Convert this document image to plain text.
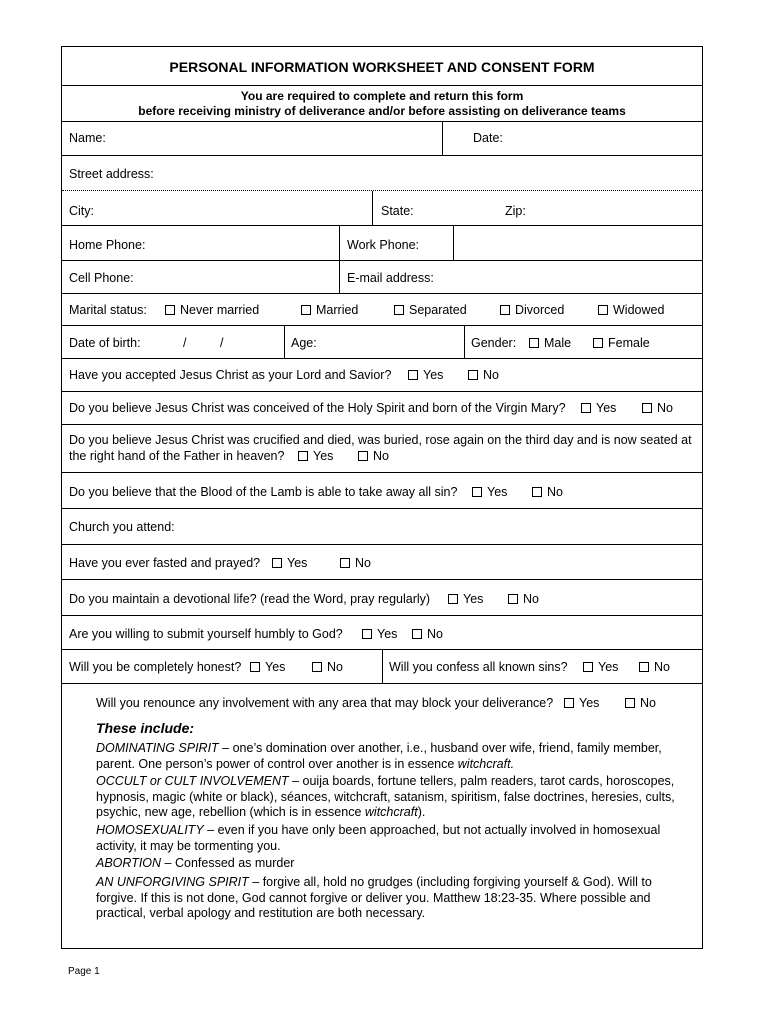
PERSONAL INFORMATION WORKSHEET AND CONSENT FORM
You are required to complete and return this form
before receiving ministry of deliverance and/or before assisting on deliverance teams
Name:	Date:
Street address:
City:	State:	Zip:
Home Phone:	Work Phone:
Cell Phone:	E-mail address:
Marital status:	Never married	Married	Separated	Divorced	Widowed
Date of birth:	/	/	Age:	Gender:	Male	Female
Have you accepted Jesus Christ as your Lord and Savior?	Yes	No
Do you believe Jesus Christ was conceived of the Holy Spirit and born of the Virgin Mary?	Yes	No
Do you believe Jesus Christ was crucified and died, was buried, rose again on the third day and is now seated at
the right hand of the Father in heaven?	Yes	No
Do you believe that the Blood of the Lamb is able to take away all sin?	Yes	No
Church you attend:
Have you ever fasted and prayed?	Yes	No
Do you maintain a devotional life? (read the Word, pray regularly)	Yes	No
Are you willing to submit yourself humbly to God?	Yes	No
Will you be completely honest?	Yes	No	Will you confess all known sins?	Yes	No
Will you renounce any involvement with any area that may block your deliverance?	Yes	No
These include:
DOMINATING SPIRIT – one’s domination over another, i.e., husband over wife, friend, family member, parent. One person’s power of control over another is in essence witchcraft.
OCCULT or CULT INVOLVEMENT – ouija boards, fortune tellers, palm readers, tarot cards, horoscopes, hypnosis, magic (white or black), séances, witchcraft, satanism, spiritism, false doctrines, heresies, cults, psychic, new age, rebellion (which is in essence witchcraft).
HOMOSEXUALITY – even if you have only been approached, but not actually involved in homosexual activity, it may be tormenting you.
ABORTION – Confessed as murder
AN UNFORGIVING SPIRIT – forgive all, hold no grudges (including forgiving yourself & God). Will to forgive. If this is not done, God cannot forgive or deliver you. Matthew 18:23-35. Where possible and practical, verbal apology and restitution are both necessary.
Page 1
